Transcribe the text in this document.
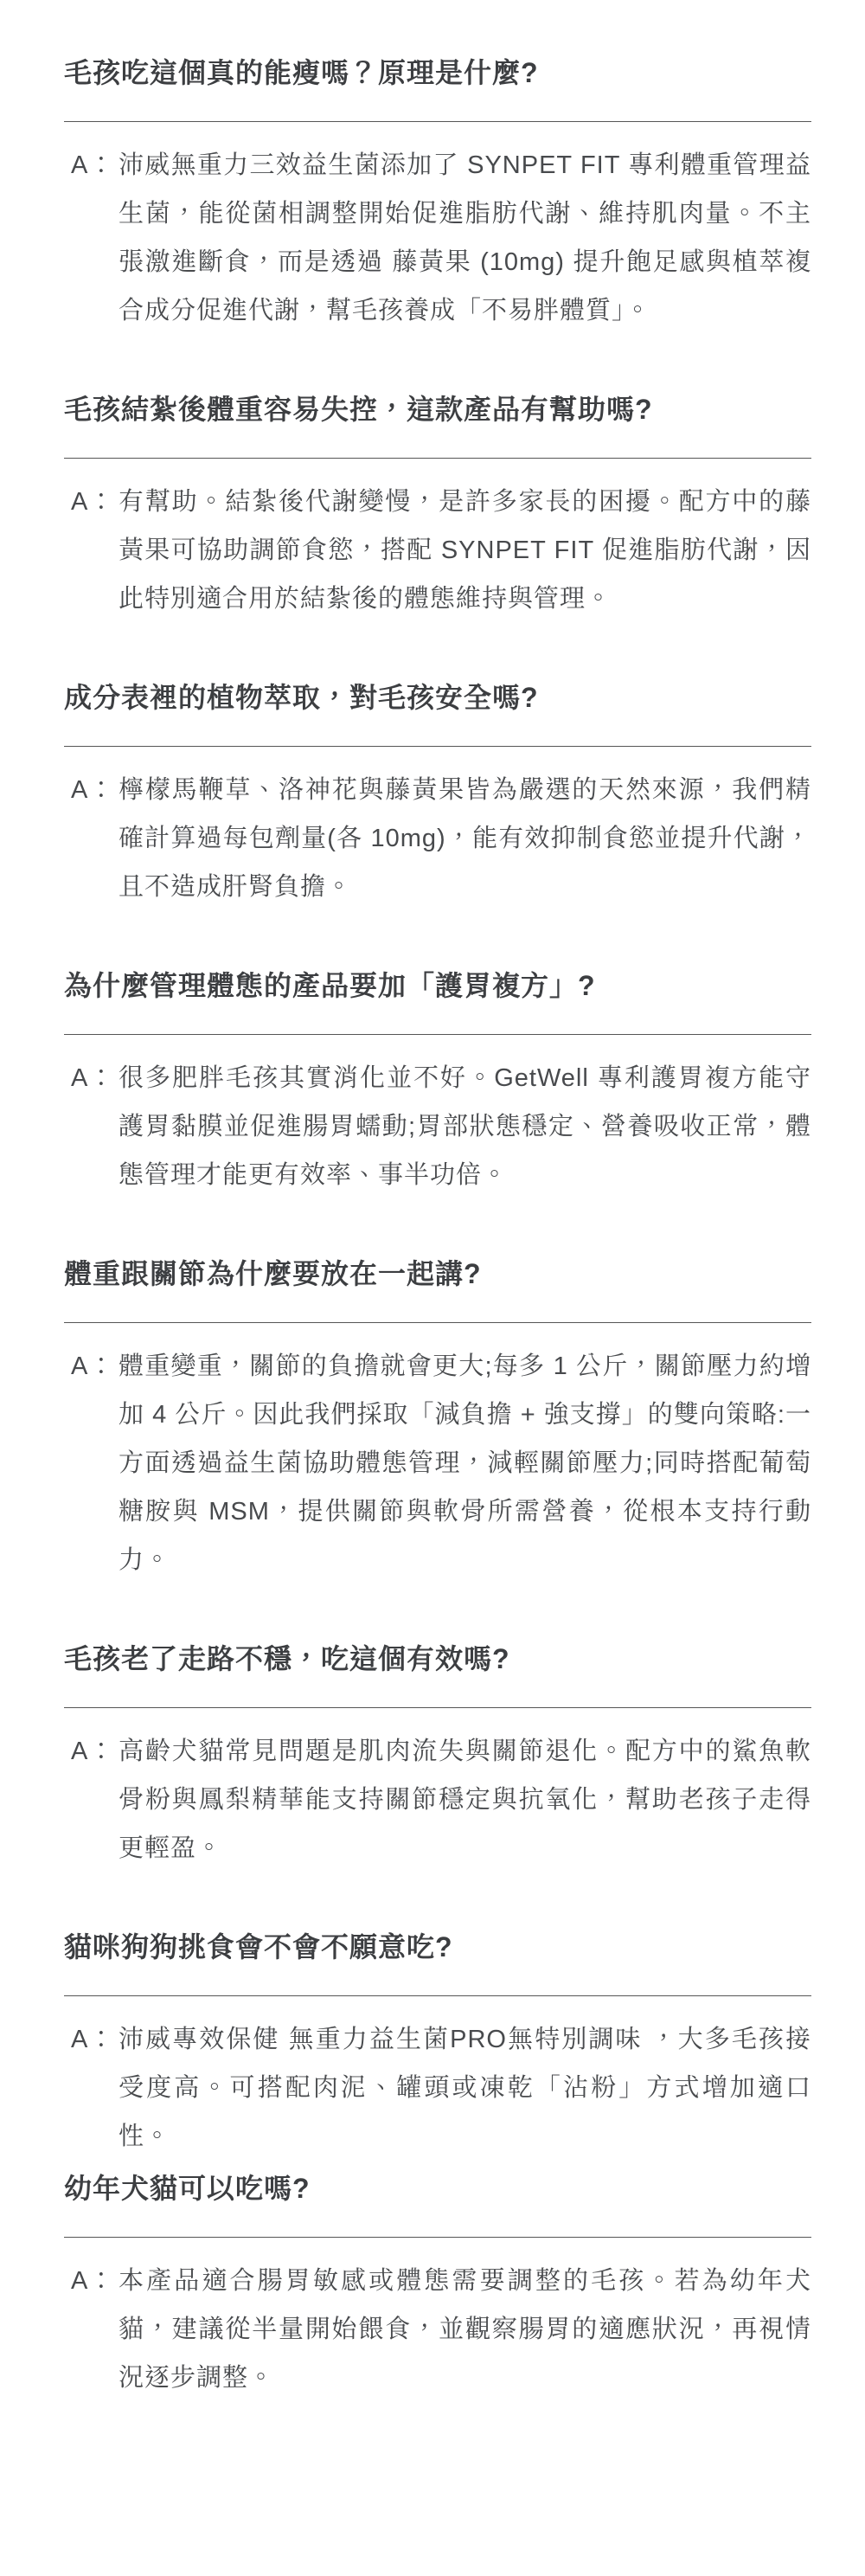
毛孩吃這個真的能瘦嗎？原理是什麼?
A： 沛威無重力三效益生菌添加了 SYNPET FIT 專利體重管理益生菌，能從菌相調整開始促進脂肪代謝、維持肌肉量。不主張激進斷食，而是透過 藤黃果 (10mg) 提升飽足感與植萃複合成分促進代謝，幫毛孩養成「不易胖體質」。

毛孩結紮後體重容易失控，這款產品有幫助嗎?
A： 有幫助。結紮後代謝變慢，是許多家長的困擾。配方中的藤黃果可協助調節食慾，搭配 SYNPET FIT 促進脂肪代謝，因此特別適合用於結紮後的體態維持與管理。

成分表裡的植物萃取，對毛孩安全嗎?
A： 檸檬馬鞭草、洛神花與藤黃果皆為嚴選的天然來源，我們精確計算過每包劑量(各 10mg)，能有效抑制食慾並提升代謝，且不造成肝腎負擔。

為什麼管理體態的產品要加「護胃複方」?
A： 很多肥胖毛孩其實消化並不好。GetWell 專利護胃複方能守護胃黏膜並促進腸胃蠕動;胃部狀態穩定、營養吸收正常，體態管理才能更有效率、事半功倍。

體重跟關節為什麼要放在一起講?
A： 體重變重，關節的負擔就會更大;每多 1 公斤，關節壓力約增加 4 公斤。因此我們採取「減負擔 + 強支撐」的雙向策略:一方面透過益生菌協助體態管理，減輕關節壓力;同時搭配葡萄糖胺與 MSM，提供關節與軟骨所需營養，從根本支持行動力。

毛孩老了走路不穩，吃這個有效嗎?
A： 高齡犬貓常見問題是肌肉流失與關節退化。配方中的鯊魚軟骨粉與鳳梨精華能支持關節穩定與抗氧化，幫助老孩子走得更輕盈。

貓咪狗狗挑食會不會不願意吃?
A： 沛威專效保健 無重力益生菌PRO無特別調味 ，大多毛孩接受度高。可搭配肉泥、罐頭或凍乾「沾粉」方式增加適口性。

幼年犬貓可以吃嗎?
A： 本產品適合腸胃敏感或體態需要調整的毛孩。若為幼年犬貓，建議從半量開始餵食，並觀察腸胃的適應狀況，再視情況逐步調整。
